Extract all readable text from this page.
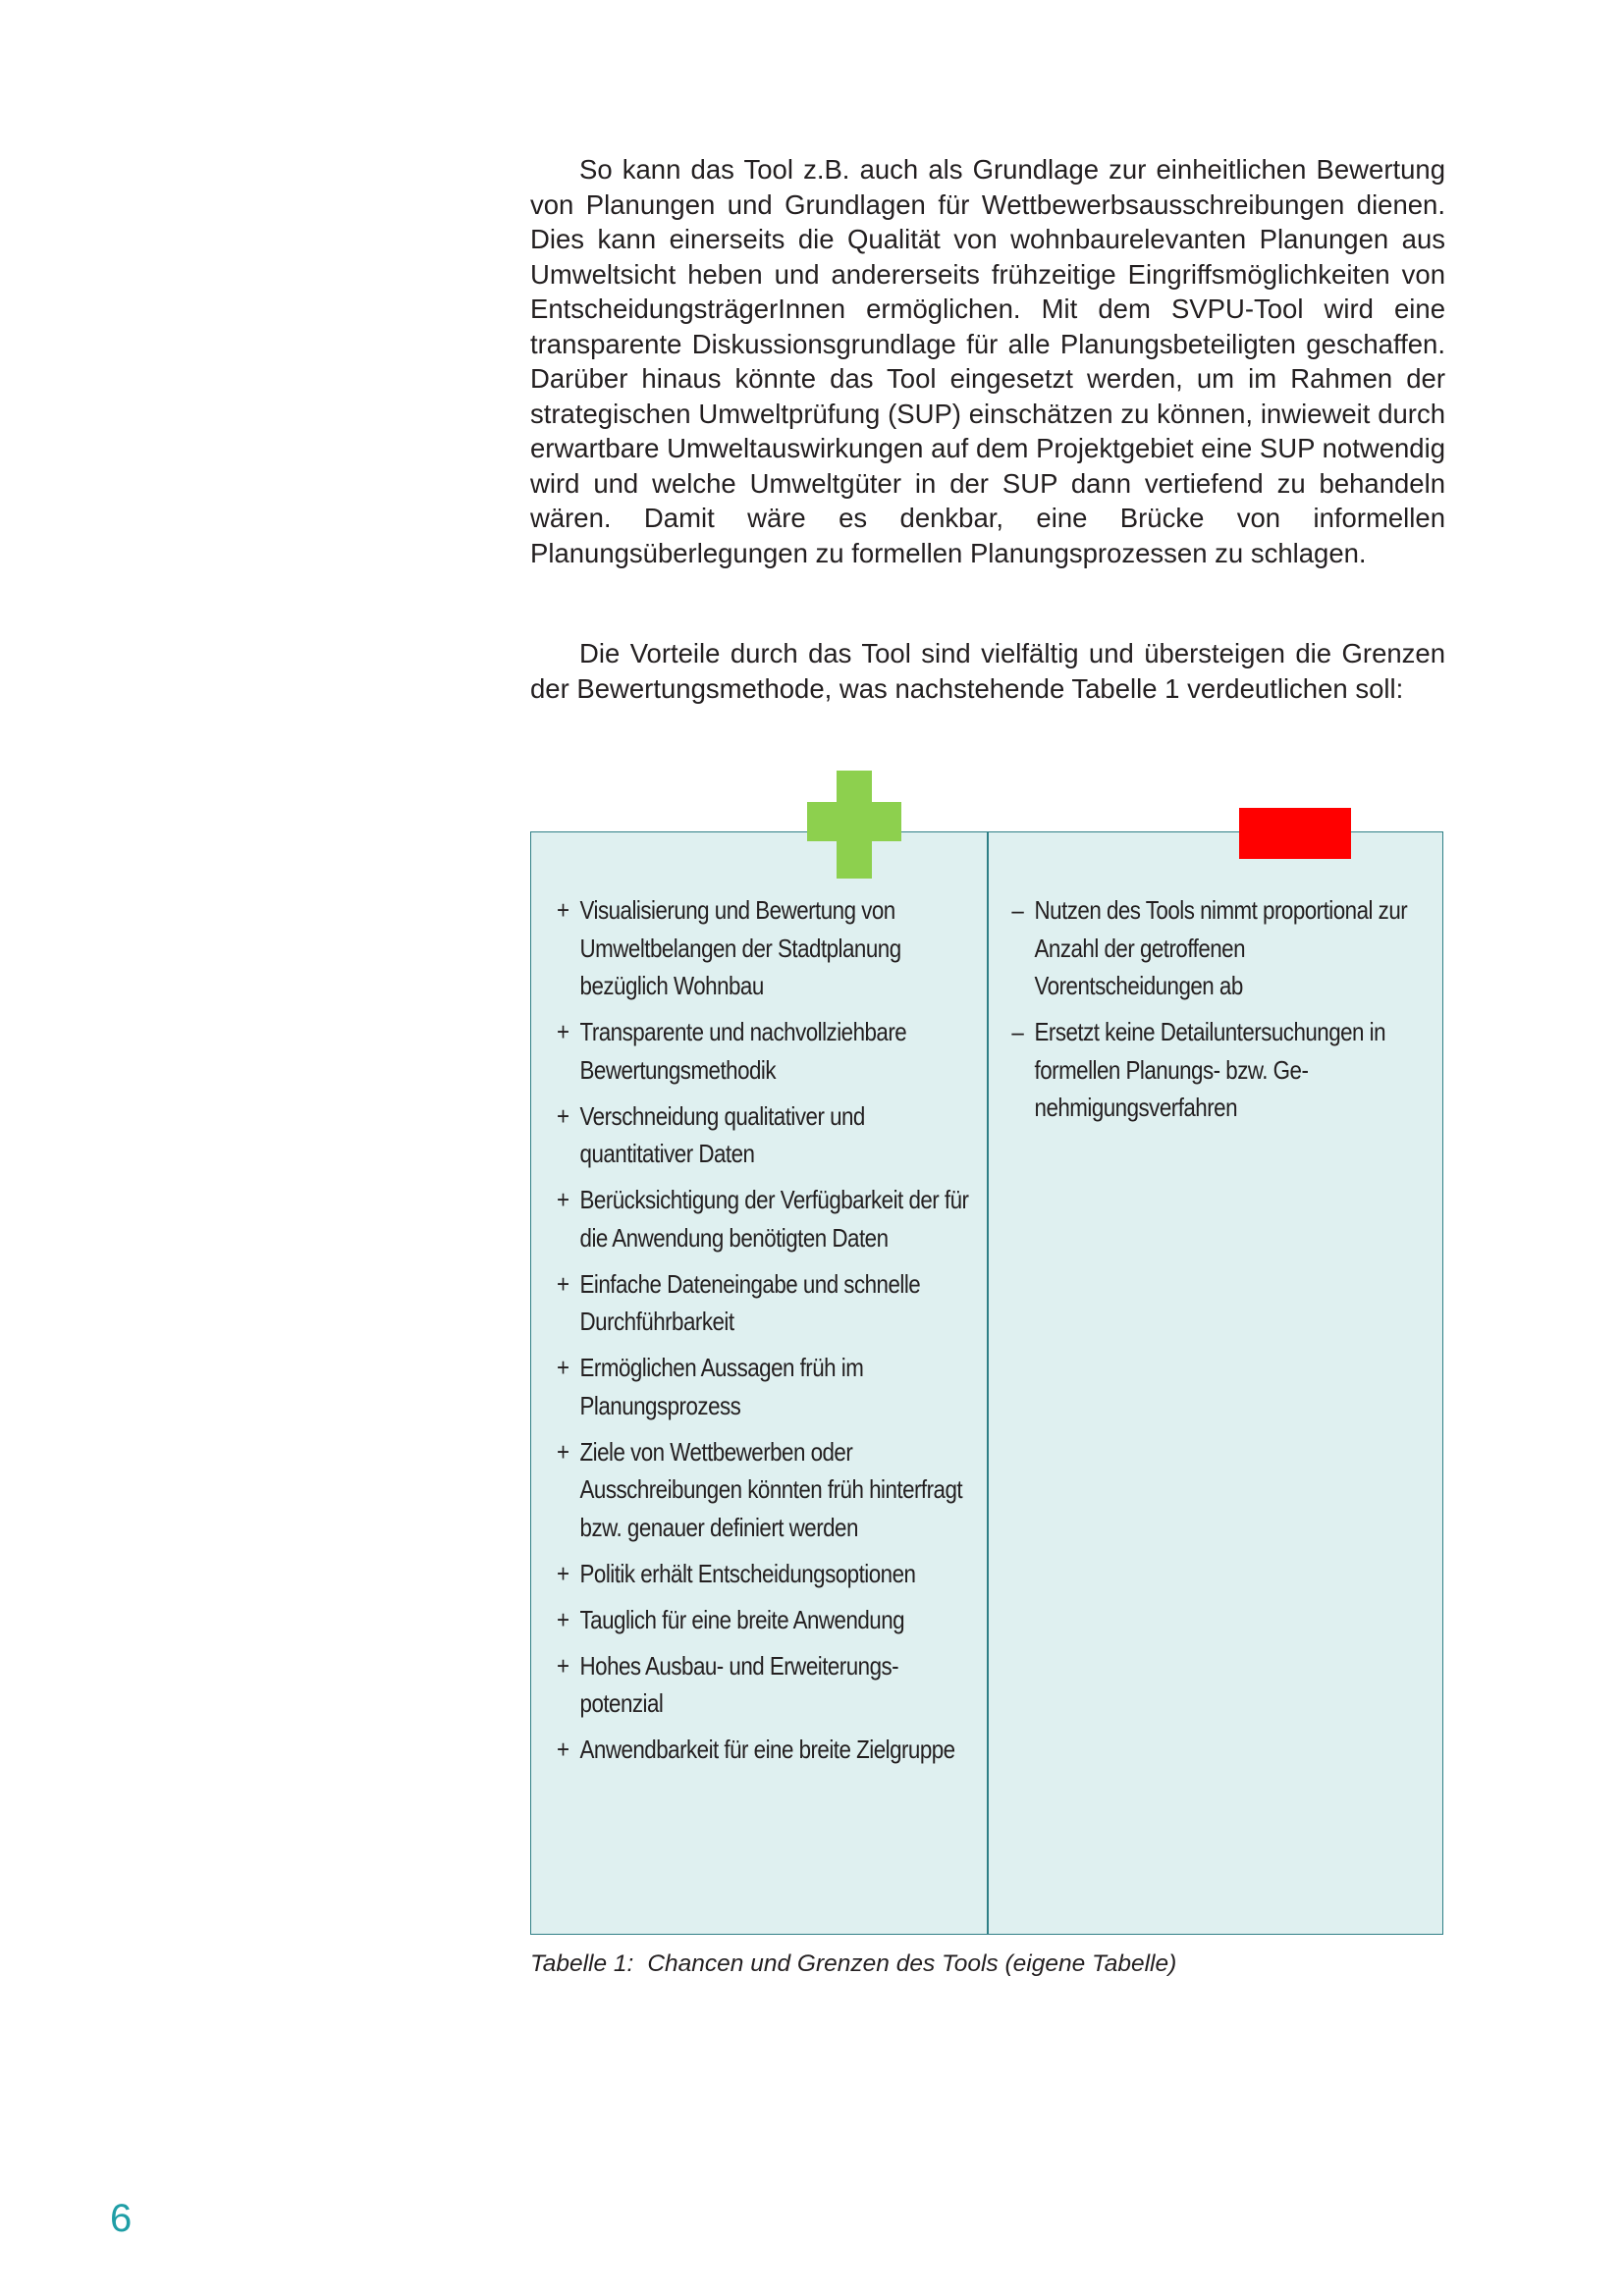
So kann das Tool z.B. auch als Grundlage zur einheitlichen Bewertung von Planungen und Grundlagen für Wettbewerbsausschreibungen dienen. Dies kann einerseits die Qualität von wohnbaurelevanten Planungen aus Umweltsicht heben und andererseits frühzeitige Eingriffsmöglichkeiten von EntscheidungsträgerInnen ermöglichen. Mit dem SVPU-Tool wird eine transparente Diskussionsgrundlage für alle Planungsbeteiligten geschaffen. Darüber hinaus könnte das Tool eingesetzt werden, um im Rahmen der strategischen Umweltprüfung (SUP) einschätzen zu können, inwieweit durch erwartbare Umweltauswirkungen auf dem Projektgebiet eine SUP notwendig wird und welche Umweltgüter in der SUP dann vertiefend zu behandeln wären. Damit wäre es denkbar, eine Brücke von informellen Planungsüberlegungen zu formellen Planungsprozessen zu schlagen.

Die Vorteile durch das Tool sind vielfältig und übersteigen die Grenzen der Bewertungsmethode, was nachstehende Tabelle 1 verdeutlichen soll:

+ Visualisierung und Bewertung von Umweltbelangen der Stadtplanung bezüglich Wohnbau
+ Transparente und nachvollziehbare Bewertungsmethodik
+ Verschneidung qualitativer und quantitativer Daten
+ Berücksichtigung der Verfügbarkeit der für die Anwendung benötigten Daten
+ Einfache Dateneingabe und schnelle Durchführbarkeit
+ Ermöglichen Aussagen früh im Planungsprozess
+ Ziele von Wettbewerben oder Ausschreibungen könnten früh hinterfragt bzw. genauer definiert werden
+ Politik erhält Entscheidungsoptionen
+ Tauglich für eine breite Anwendung
+ Hohes Ausbau- und Erweiterungspotenzial
+ Anwendbarkeit für eine breite Zielgruppe
– Nutzen des Tools nimmt proportional zur Anzahl der getroffenen Vorentscheidungen ab
– Ersetzt keine Detailuntersuchungen in formellen Planungs- bzw. Genehmigungsverfahren
Tabelle 1: Chancen und Grenzen des Tools (eigene Tabelle)
6
